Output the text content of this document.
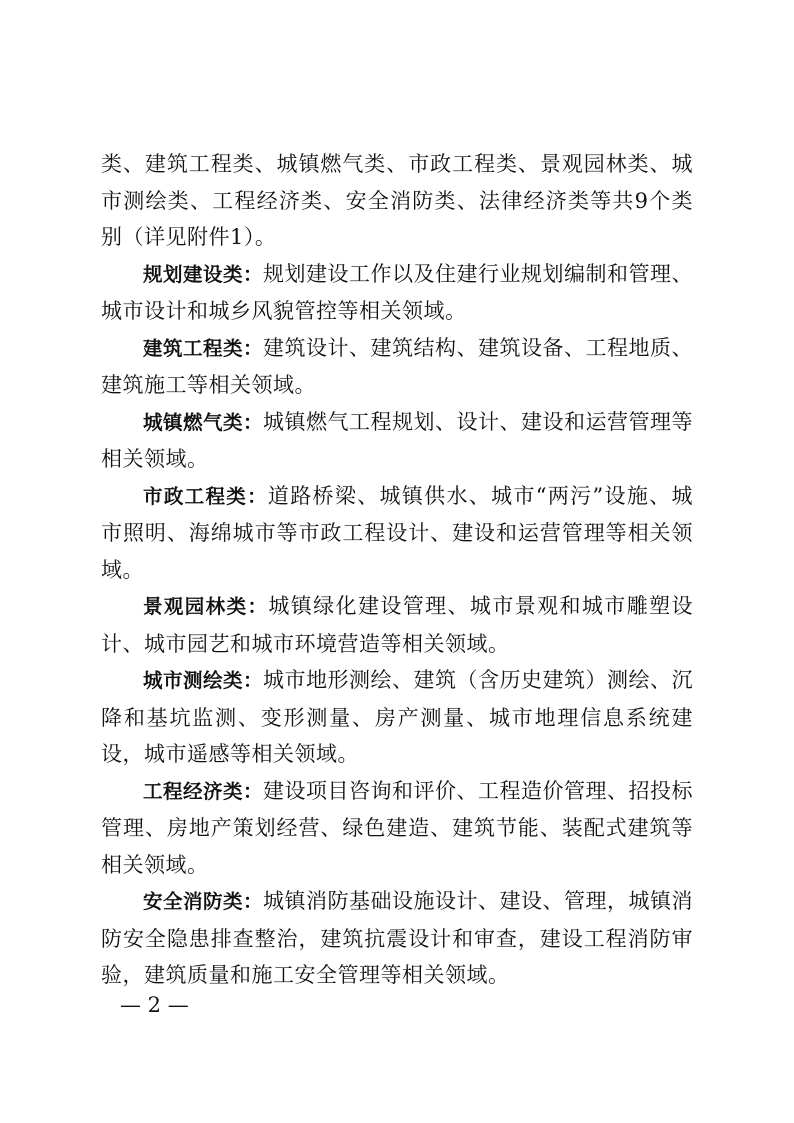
类、建筑工程类、城镇燃气类、市政工程类、景观园林类、城市测绘类、工程经济类、安全消防类、法律经济类等共9个类别（详见附件1）。

规划建设类：规划建设工作以及住建行业规划编制和管理、城市设计和城乡风貌管控等相关领域。

建筑工程类：建筑设计、建筑结构、建筑设备、工程地质、建筑施工等相关领域。

城镇燃气类：城镇燃气工程规划、设计、建设和运营管理等相关领域。

市政工程类：道路桥梁、城镇供水、城市“两污”设施、城市照明、海绵城市等市政工程设计、建设和运营管理等相关领域。

景观园林类：城镇绿化建设管理、城市景观和城市雕塑设计、城市园艺和城市环境营造等相关领域。

城市测绘类：城市地形测绘、建筑（含历史建筑）测绘、沉降和基坑监测、变形测量、房产测量、城市地理信息系统建设，城市遥感等相关领域。

工程经济类：建设项目咨询和评价、工程造价管理、招投标管理、房地产策划经营、绿色建造、建筑节能、装配式建筑等相关领域。

安全消防类：城镇消防基础设施设计、建设、管理，城镇消防安全隐患排查整治，建筑抗震设计和审查，建设工程消防审验，建筑质量和施工安全管理等相关领域。

— 2 —
